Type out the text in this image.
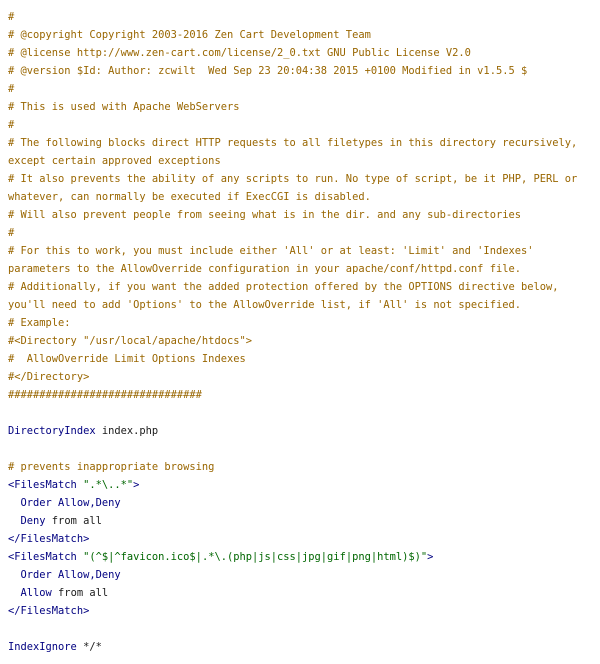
#
# @copyright Copyright 2003-2016 Zen Cart Development Team
# @license http://www.zen-cart.com/license/2_0.txt GNU Public License V2.0
# @version $Id: Author: zcwilt  Wed Sep 23 20:04:38 2015 +0100 Modified in v1.5.5 $
#
# This is used with Apache WebServers
#
# The following blocks direct HTTP requests to all filetypes in this directory recursively, except certain approved exceptions
# It also prevents the ability of any scripts to run. No type of script, be it PHP, PERL or whatever, can normally be executed if ExecCGI is disabled.
# Will also prevent people from seeing what is in the dir. and any sub-directories
#
# For this to work, you must include either 'All' or at least: 'Limit' and 'Indexes' parameters to the AllowOverride configuration in your apache/conf/httpd.conf file.
# Additionally, if you want the added protection offered by the OPTIONS directive below, you'll need to add 'Options' to the AllowOverride list, if 'All' is not specified.
# Example:
#<Directory "/usr/local/apache/htdocs">
#  AllowOverride Limit Options Indexes
#</Directory>
###############################
DirectoryIndex index.php
# prevents inappropriate browsing
<FilesMatch ".*\..*">
Order Allow,Deny
Deny from all
</FilesMatch>
<FilesMatch "(^$|^favicon.ico$|.*\.(php|js|css|jpg|gif|png|html)$)">
Order Allow,Deny
Allow from all
</FilesMatch>
IndexIgnore */*
